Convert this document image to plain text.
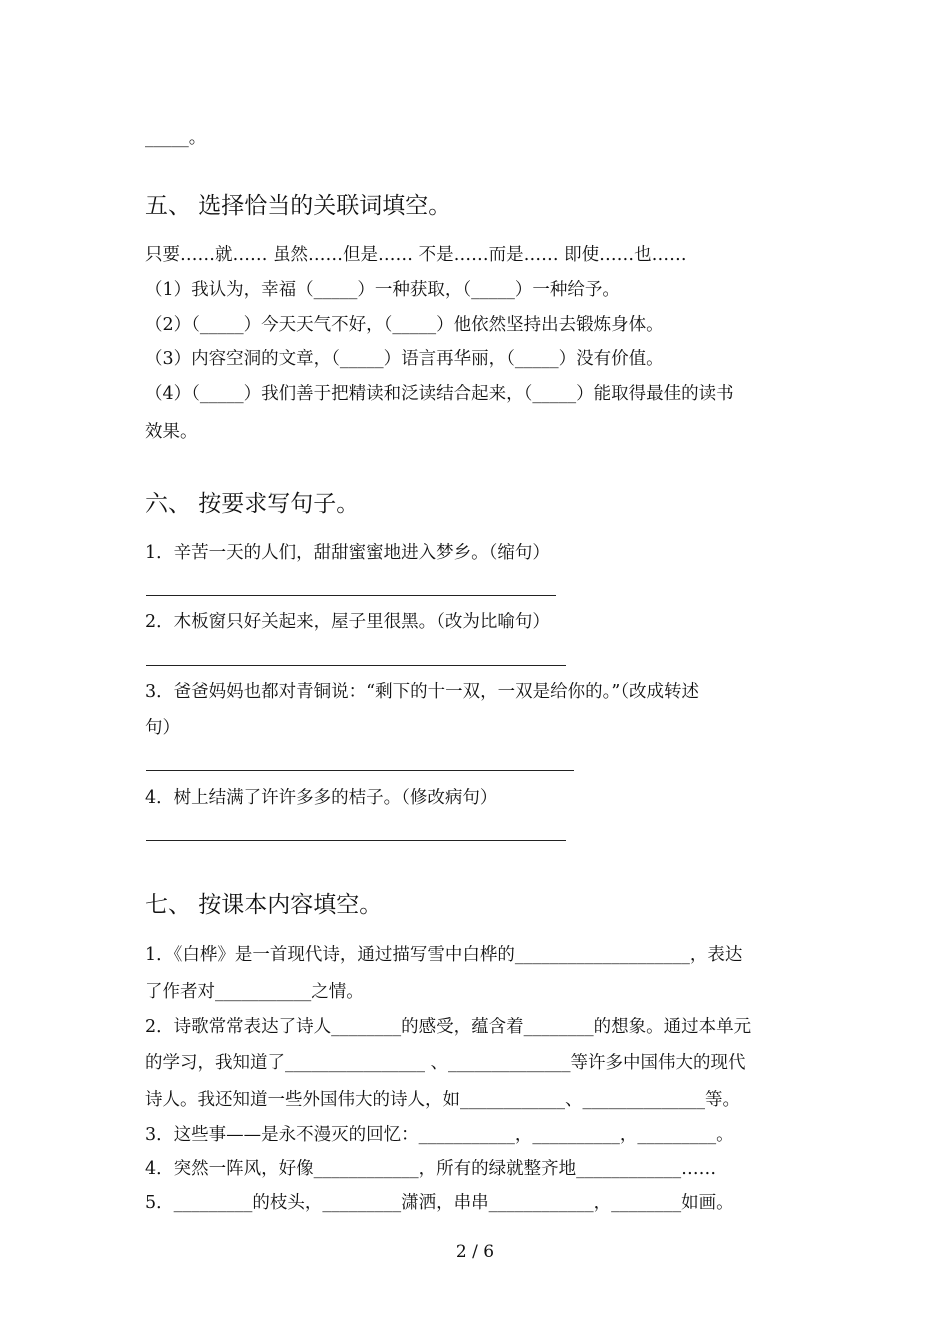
_____。
五、 选择恰当的关联词填空。
只要……就…… 虽然……但是…… 不是……而是…… 即使……也……
（1）我认为，幸福（_____）一种获取，（_____）一种给予。
（2）（_____）今天天气不好，（_____）他依然坚持出去锻炼身体。
（3）内容空洞的文章，（_____）语言再华丽，（_____）没有价值。
（4）（_____）我们善于把精读和泛读结合起来，（_____）能取得最佳的读书
效果。
六、 按要求写句子。
1．辛苦一天的人们，甜甜蜜蜜地进入梦乡。（缩句）
2．木板窗只好关起来，屋子里很黑。（改为比喻句）
3．爸爸妈妈也都对青铜说：“剩下的十一双，一双是给你的。”（改成转述
句）
4．树上结满了许许多多的桔子。（修改病句）
七、 按课本内容填空。
1．《白桦》是一首现代诗，通过描写雪中白桦的____________________，表达
了作者对___________之情。
2．诗歌常常表达了诗人________的感受，蕴含着________的想象。通过本单元
的学习，我知道了________________ 、______________等许多中国伟大的现代
诗人。我还知道一些外国伟大的诗人，如____________、______________等。
3．这些事——是永不漫灭的回忆：___________，__________，_________。
4．突然一阵风，好像____________，所有的绿就整齐地____________……
5．_________的枝头，_________潇洒，串串____________，________如画。
2 / 6
